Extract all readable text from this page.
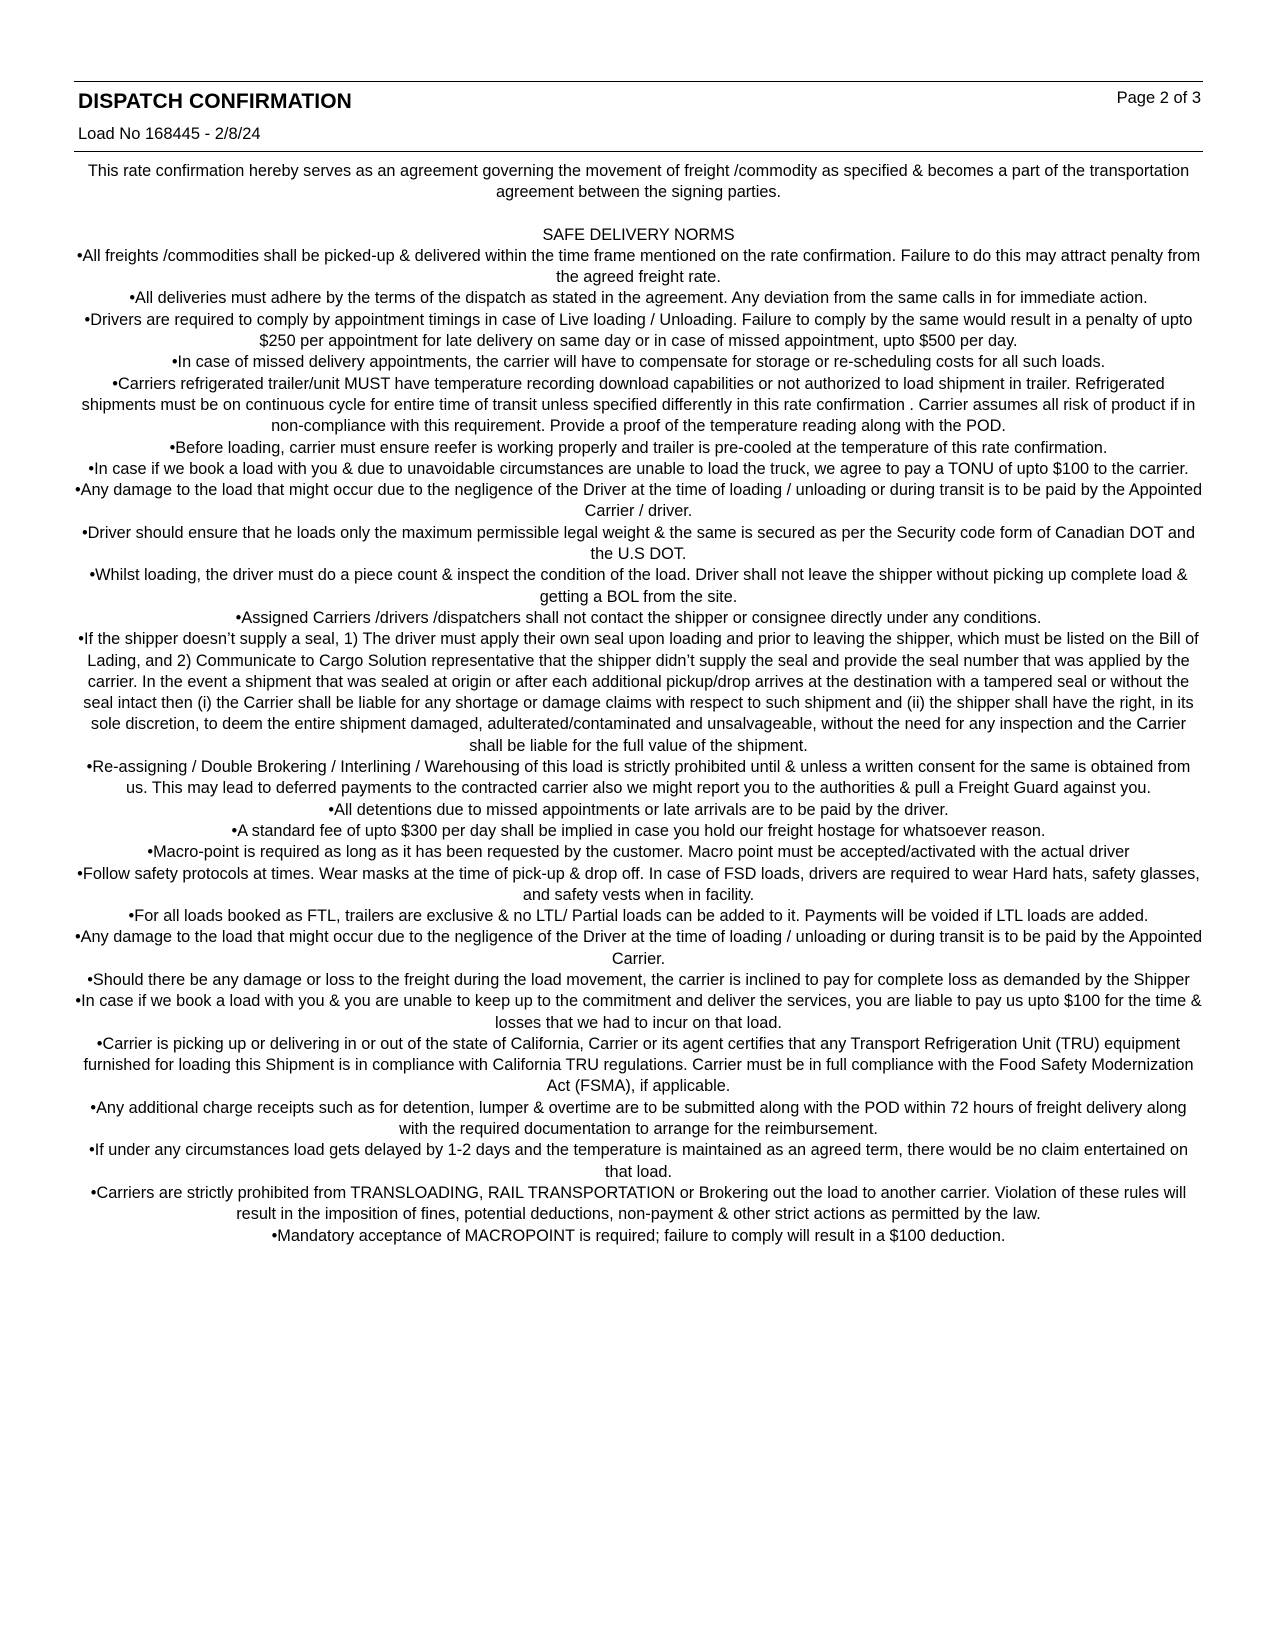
DISPATCH CONFIRMATION	Page 2 of 3
Load No 168445 - 2/8/24

This rate confirmation hereby serves as an agreement governing the movement of freight /commodity as specified & becomes a part of the transportation agreement between the signing parties.

SAFE DELIVERY NORMS

•All freights /commodities shall be picked-up & delivered within the time frame mentioned on the rate confirmation. Failure to do this may attract penalty from the agreed freight rate.

•All deliveries must adhere by the terms of the dispatch as stated in the agreement. Any deviation from the same calls in for immediate action.

•Drivers are required to comply by appointment timings in case of Live loading / Unloading. Failure to comply by the same would result in a penalty of upto $250 per appointment for late delivery on same day or in case of missed appointment, upto $500 per day.

•In case of missed delivery appointments, the carrier will have to compensate for storage or re-scheduling costs for all such loads.

•Carriers refrigerated trailer/unit MUST have temperature recording download capabilities or not authorized to load shipment in trailer. Refrigerated shipments must be on continuous cycle for entire time of transit unless specified differently in this rate confirmation . Carrier assumes all risk of product if in non-compliance with this requirement. Provide a proof of the temperature reading along with the POD.

•Before loading, carrier must ensure reefer is working properly and trailer is pre-cooled at the temperature of this rate confirmation.

•In case if we book a load with you & due to unavoidable circumstances are unable to load the truck, we agree to pay a TONU of upto $100 to the carrier.

•Any damage to the load that might occur due to the negligence of the Driver at the time of loading / unloading or during transit is to be paid by the Appointed Carrier / driver.

•Driver should ensure that he loads only the maximum permissible legal weight & the same is secured as per the Security code form of Canadian DOT and the U.S DOT.

•Whilst loading, the driver must do a piece count & inspect the condition of the load. Driver shall not leave the shipper without picking up complete load & getting a BOL from the site.

•Assigned Carriers /drivers /dispatchers shall not contact the shipper or consignee directly under any conditions.

•If the shipper doesn’t supply a seal, 1) The driver must apply their own seal upon loading and prior to leaving the shipper, which must be listed on the Bill of Lading, and 2) Communicate to Cargo Solution representative that the shipper didn’t supply the seal and provide the seal number that was applied by the carrier. In the event a shipment that was sealed at origin or after each additional pickup/drop arrives at the destination with a tampered seal or without the seal intact then (i) the Carrier shall be liable for any shortage or damage claims with respect to such shipment and (ii) the shipper shall have the right, in its sole discretion, to deem the entire shipment damaged, adulterated/contaminated and unsalvageable, without the need for any inspection and the Carrier shall be liable for the full value of the shipment.

•Re-assigning / Double Brokering / Interlining / Warehousing of this load is strictly prohibited until & unless a written consent for the same is obtained from us. This may lead to deferred payments to the contracted carrier also we might report you to the authorities & pull a Freight Guard against you.

•All detentions due to missed appointments or late arrivals are to be paid by the driver.

•A standard fee of upto $300 per day shall be implied in case you hold our freight hostage for whatsoever reason.

•Macro-point is required as long as it has been requested by the customer. Macro point must be accepted/activated with the actual driver

•Follow safety protocols at times. Wear masks at the time of pick-up & drop off. In case of FSD loads, drivers are required to wear Hard hats, safety glasses, and safety vests when in facility.

•For all loads booked as FTL, trailers are exclusive & no LTL/ Partial loads can be added to it. Payments will be voided if LTL loads are added.

•Any damage to the load that might occur due to the negligence of the Driver at the time of loading / unloading or during transit is to be paid by the Appointed Carrier.

•Should there be any damage or loss to the freight during the load movement, the carrier is inclined to pay for complete loss as demanded by the Shipper

•In case if we book a load with you & you are unable to keep up to the commitment and deliver the services, you are liable to pay us upto $100 for the time & losses that we had to incur on that load.

•Carrier is picking up or delivering in or out of the state of California, Carrier or its agent certifies that any Transport Refrigeration Unit (TRU) equipment furnished for loading this Shipment is in compliance with California TRU regulations. Carrier must be in full compliance with the Food Safety Modernization Act (FSMA), if applicable.

•Any additional charge receipts such as for detention, lumper & overtime are to be submitted along with the POD within 72 hours of freight delivery along with the required documentation to arrange for the reimbursement.

•If under any circumstances load gets delayed by 1-2 days and the temperature is maintained as an agreed term, there would be no claim entertained on that load.

•Carriers are strictly prohibited from TRANSLOADING, RAIL TRANSPORTATION or Brokering out the load to another carrier. Violation of these rules will result in the imposition of fines, potential deductions, non-payment & other strict actions as permitted by the law.

•Mandatory acceptance of MACROPOINT is required; failure to comply will result in a $100 deduction.
